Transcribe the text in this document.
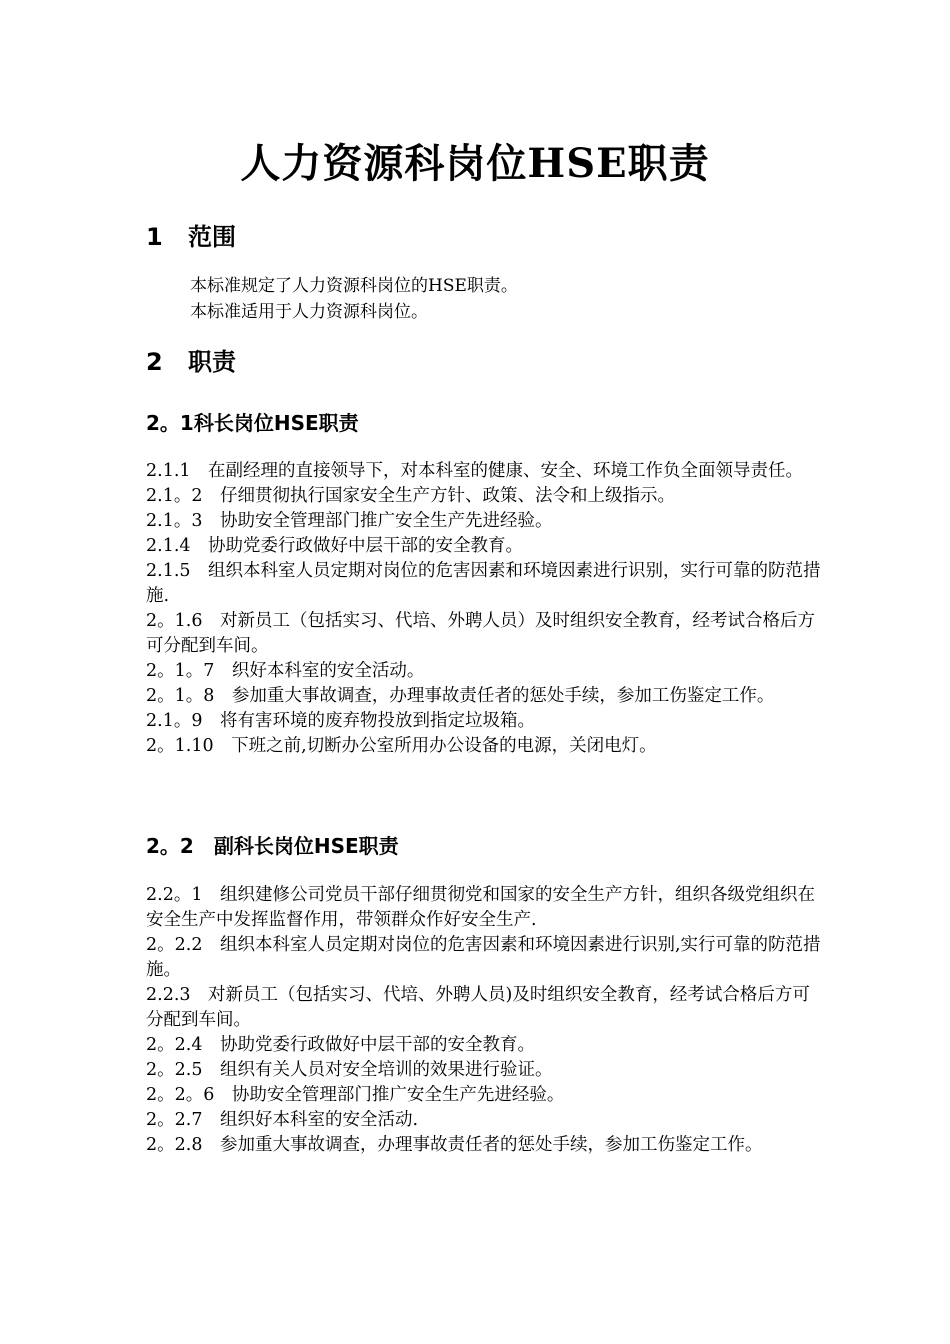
人力资源科岗位HSE职责
1 范围

本标准规定了人力资源科岗位的HSE职责。

本标准适用于人力资源科岗位。

2 职责
2。1科长岗位HSE职责
2.1.1　在副经理的直接领导下，对本科室的健康、安全、环境工作负全面领导责任。
2.1。2　仔细贯彻执行国家安全生产方针、政策、法令和上级指示。
2.1。3　协助安全管理部门推广安全生产先进经验。
2.1.4　协助党委行政做好中层干部的安全教育。
2.1.5　组织本科室人员定期对岗位的危害因素和环境因素进行识别，实行可靠的防范措施.
2。1.6　对新员工（包括实习、代培、外聘人员）及时组织安全教育，经考试合格后方可分配到车间。
2。1。7　织好本科室的安全活动。
2。1。8　参加重大事故调查，办理事故责任者的惩处手续，参加工伤鉴定工作。
2.1。9　将有害环境的废弃物投放到指定垃圾箱。
2。1.10　下班之前,切断办公室所用办公设备的电源，关闭电灯。
2。2　副科长岗位HSE职责
2.2。1　组织建修公司党员干部仔细贯彻党和国家的安全生产方针，组织各级党组织在安全生产中发挥监督作用，带领群众作好安全生产.
2。2.2　组织本科室人员定期对岗位的危害因素和环境因素进行识别,实行可靠的防范措施。
2.2.3　对新员工（包括实习、代培、外聘人员)及时组织安全教育，经考试合格后方可分配到车间。
2。2.4　协助党委行政做好中层干部的安全教育。
2。2.5　组织有关人员对安全培训的效果进行验证。
2。2。6　协助安全管理部门推广安全生产先进经验。
2。2.7　组织好本科室的安全活动.
2。2.8　参加重大事故调查，办理事故责任者的惩处手续，参加工伤鉴定工作。
